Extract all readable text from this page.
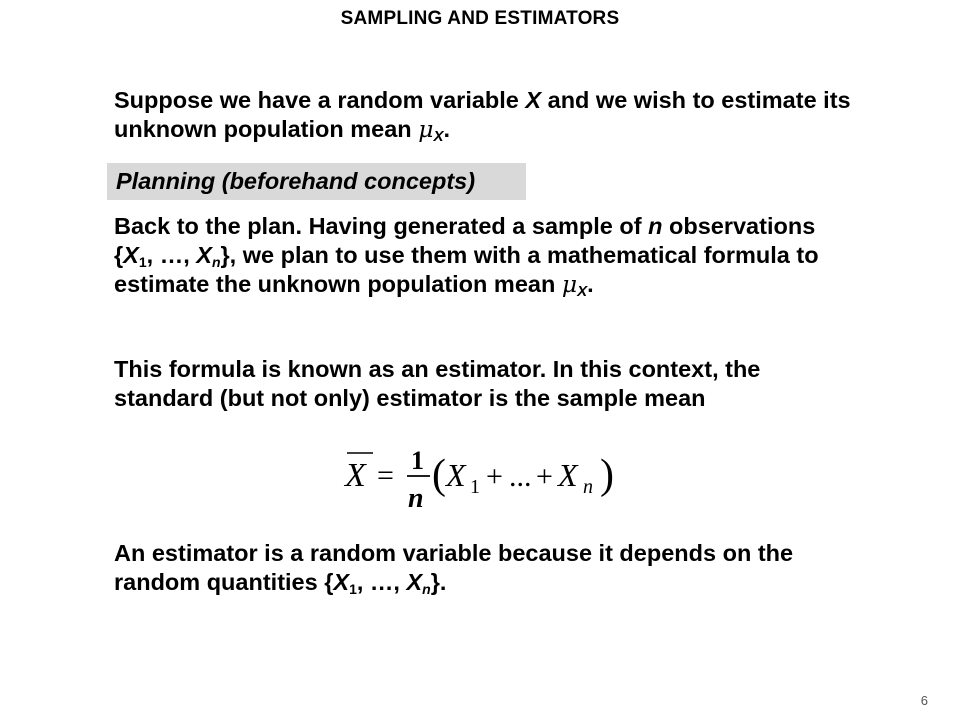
SAMPLING AND ESTIMATORS
Suppose we have a random variable X and we wish to estimate its unknown population mean $\mu_X$.
Planning (beforehand concepts)
Back to the plan. Having generated a sample of n observations {$X_1$, …, $X_n$}, we plan to use them with a mathematical formula to estimate the unknown population mean $\mu_X$.
This formula is known as an estimator. In this context, the standard (but not only) estimator is the sample mean
X = 1
n
( X 1 + ... + X n )
An estimator is a random variable because it depends on the random quantities {$X_1$, …, $X_n$}.
6
